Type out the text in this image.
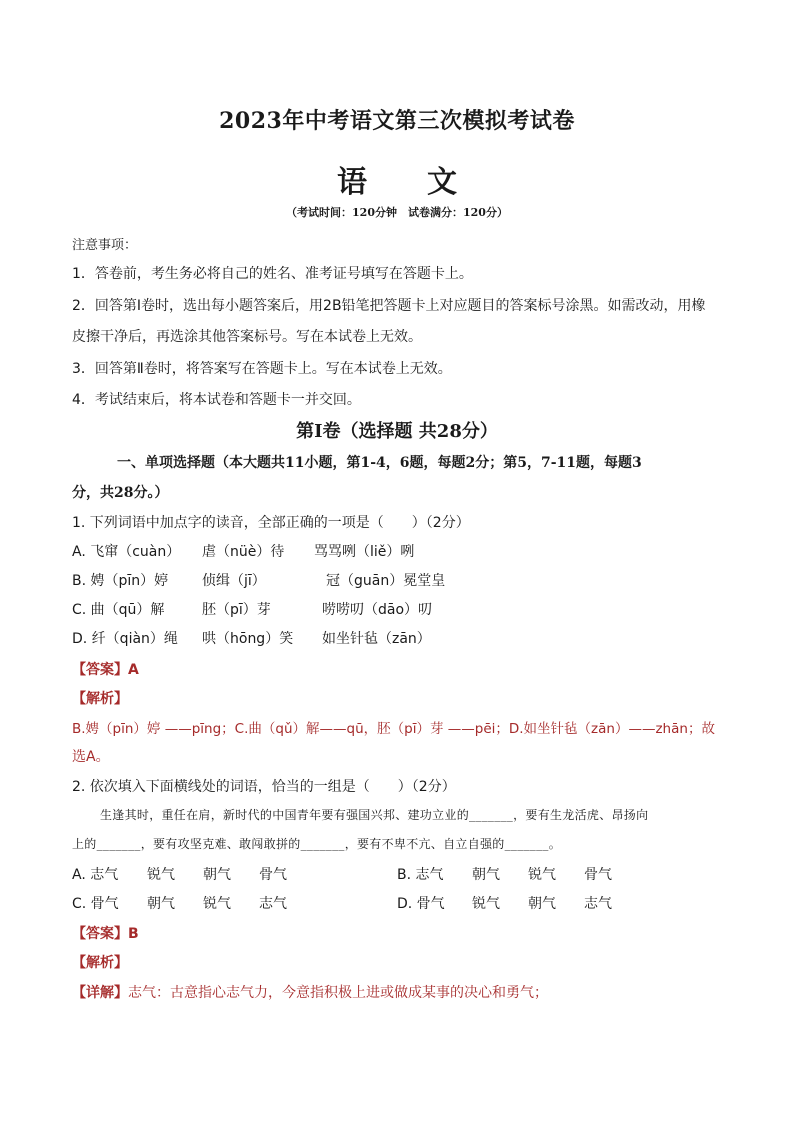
2023年中考语文第三次模拟考试卷
语　　文
（考试时间：120分钟　试卷满分：120分）
注意事项：
1．答卷前，考生务必将自己的姓名、准考证号填写在答题卡上。
2．回答第Ⅰ卷时，选出每小题答案后，用2B铅笔把答题卡上对应题目的答案标号涂黑。如需改动，用橡
皮擦干净后，再选涂其他答案标号。写在本试卷上无效。
3．回答第Ⅱ卷时，将答案写在答题卡上。写在本试卷上无效。
4．考试结束后，将本试卷和答题卡一并交回。
第Ⅰ卷（选择题 共28分）
一、单项选择题（本大题共11小题，第1-4，6题，每题2分；第5，7-11题，每题3
分，共28分。）
1. 下列词语中加点字的读音，全部正确的一项是（　　）（2分）
A. 飞窜（cuàn） 虐（nüè）待 骂骂咧（liě）咧
B. 娉（pīn）婷 侦缉（jī）	冠（guān）冕堂皇
C. 曲（qū）解	胚（pī）芽	唠唠叨（dāo）叨
D. 纤（qiàn）绳 哄（hōng）笑 如坐针毡（zān）
【答案】A
【解析】
B.娉（pīn）婷 ——pīng；C.曲（qǔ）解——qū，胚（pī）芽 ——pēi；D.如坐针毡（zān）——zhān；故
选A。
2. 依次填入下面横线处的词语，恰当的一组是（　　）（2分）
生逢其时，重任在肩，新时代的中国青年要有强国兴邦、建功立业的_______，要有生龙活虎、昂扬向
上的_______，要有攻坚克难、敢闯敢拼的_______，要有不卑不亢、自立自强的_______。
A. 志气 锐气 朝气 骨气	B. 志气 朝气 锐气 骨气
C. 骨气 朝气 锐气 志气	D. 骨气 锐气 朝气 志气
【答案】B
【解析】
【详解】志气：古意指心志气力，今意指积极上进或做成某事的决心和勇气；
